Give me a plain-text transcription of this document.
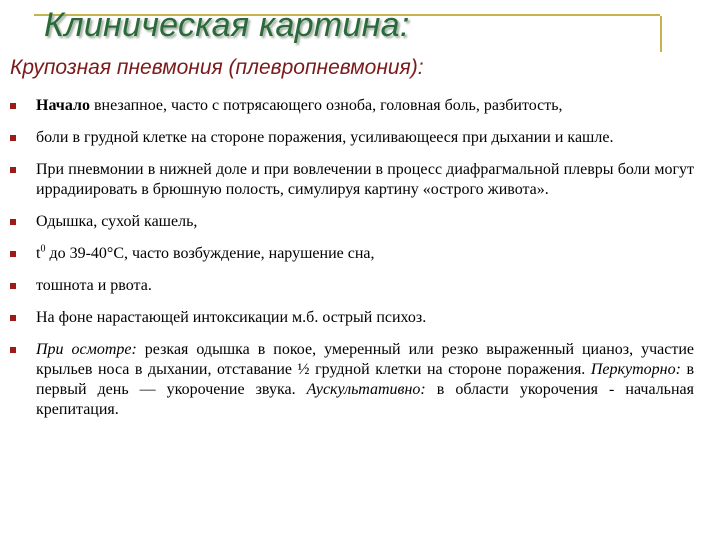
Клиническая картина:
Крупозная пневмония (плевропневмония):
Начало внезапное, часто с потрясающего озноба, головная боль, разбитость,
боли в грудной клетке на стороне поражения, усиливающееся при дыхании и кашле.
При пневмонии в нижней доле и при вовлечении в процесс диафрагмальной плевры боли могут иррадиировать в брюшную полость, симулируя картину «острого живота».
Одышка, сухой кашель,
$t^0$ до 39-40°С, часто возбуждение, нарушение сна,
тошнота и рвота.
На фоне нарастающей интоксикации м.б. острый психоз.
При осмотре: резкая одышка в покое, умеренный или резко выраженный цианоз, участие крыльев носа в дыхании, отставание ½ грудной клетки на стороне поражения. Перкуторно: в первый день — укорочение звука. Аускультативно: в области укорочения - начальная крепитация.
